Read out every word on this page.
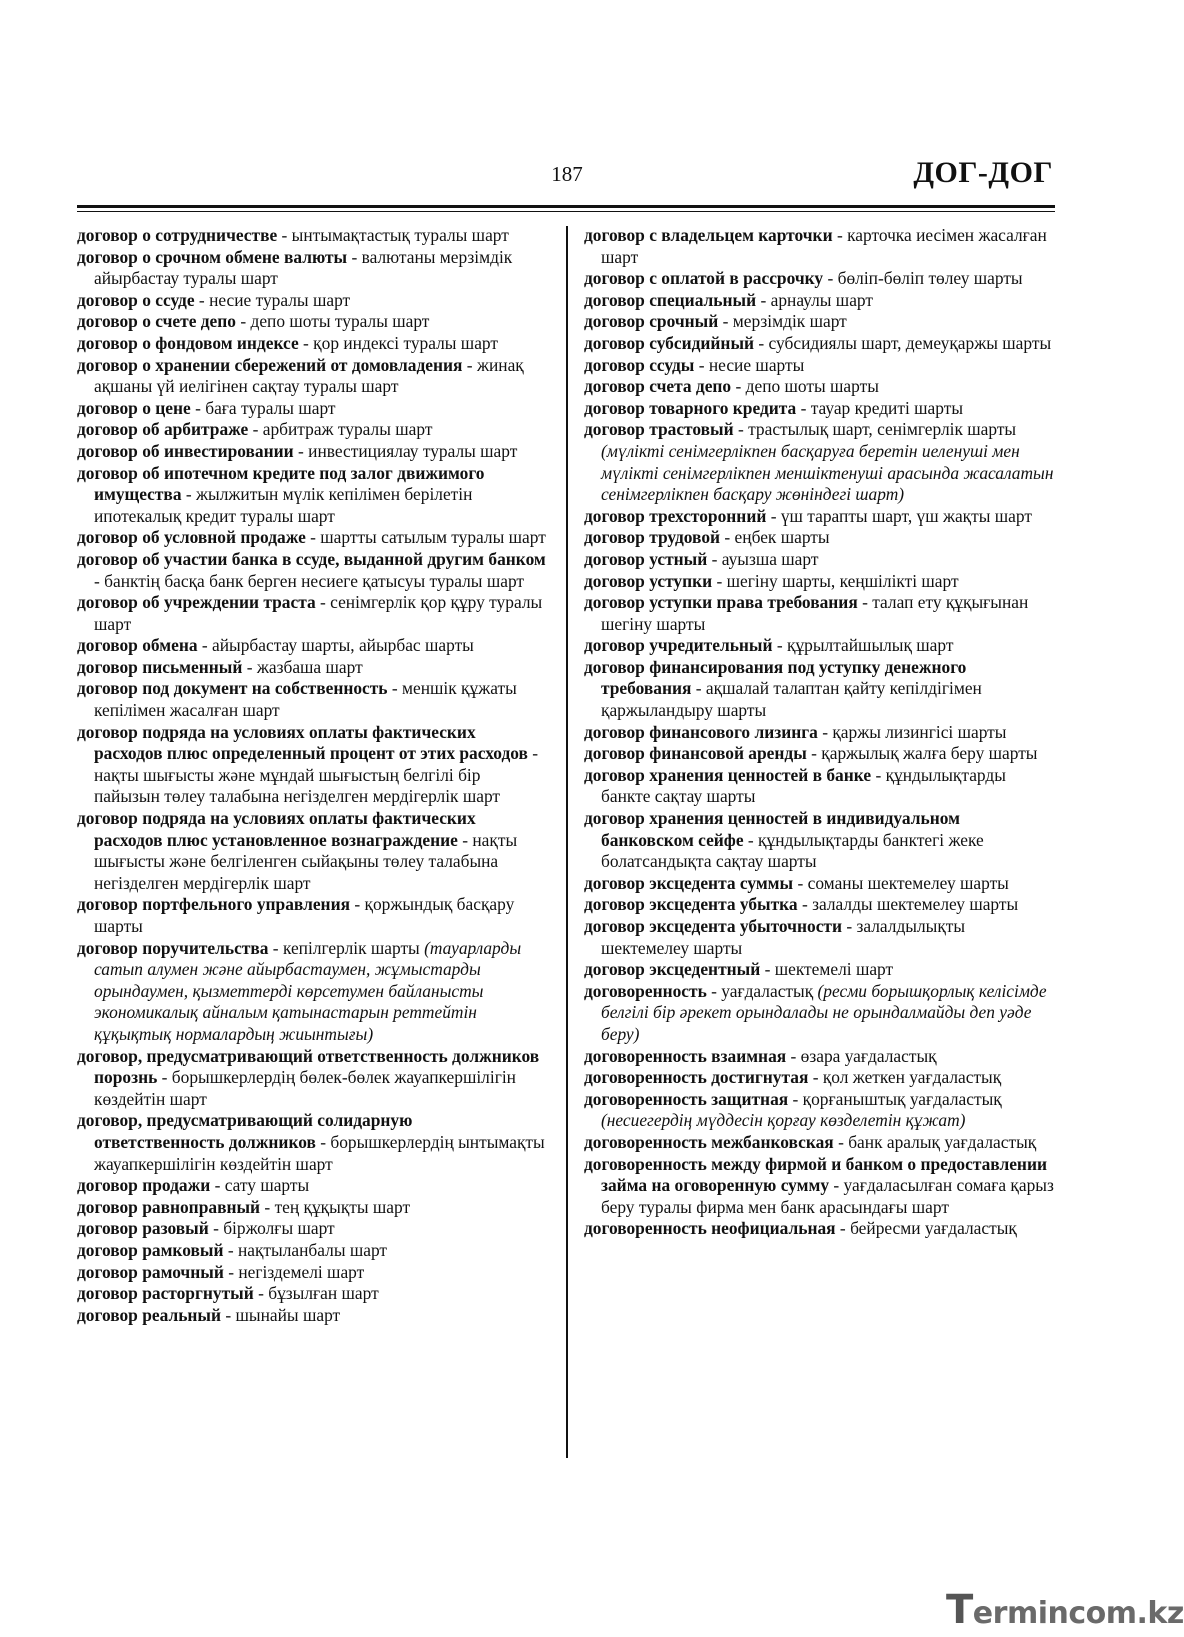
187	ДОГ-ДОГ

договор о сотрудничестве - ынтымақтастық туралы шарт

договор о срочном обмене валюты - валютаны мерзімдік айырбастау туралы шарт

договор о ссуде - несие туралы шарт

договор о счете депо - депо шоты туралы шарт

договор о фондовом индексе - қор индексі туралы шарт

договор о хранении сбережений от домовладения - жинақ ақшаны үй иелігінен сақтау туралы шарт

договор о цене - баға туралы шарт

договор об арбитраже - арбитраж туралы шарт

договор об инвестировании - инвестициялау туралы шарт

договор об ипотечном кредите под залог движимого имущества - жылжитын мүлік кепілімен берілетін ипотекалық кредит туралы шарт

договор об условной продаже - шартты сатылым туралы шарт

договор об участии банка в ссуде, выданной другим банком - банктің басқа банк берген несиеге қатысуы туралы шарт

договор об учреждении траста - сенімгерлік қор құру туралы шарт

договор обмена - айырбастау шарты, айырбас шарты

договор письменный - жазбаша шарт

договор под документ на собственность - меншік құжаты кепілімен жасалған шарт

договор подряда на условиях оплаты фактических расходов плюс определенный процент от этих расходов - нақты шығысты және мұндай шығыстың белгілі бір пайызын төлеу талабына негізделген мердігерлік шарт

договор подряда на условиях оплаты фактических расходов плюс установленное вознаграждение - нақты шығысты және белгіленген сыйақыны төлеу талабына негізделген мердігерлік шарт

договор портфельного управления - қоржындық басқару шарты

договор поручительства - кепілгерлік шарты (тауарларды сатып алумен және айырбастаумен, жұмыстарды орындаумен, қызметтерді көрсетумен байланысты экономикалық айналым қатынастарын реттейтін құқықтық нормалардың жиынтығы)

договор, предусматривающий ответственность должников порознь - борышкерлердің бөлек-бөлек жауапкершілігін көздейтін шарт

договор, предусматривающий солидарную ответственность должников - борышкерлердің ынтымақты жауапкершілігін көздейтін шарт

договор продажи - сату шарты

договор равноправный - тең құқықты шарт

договор разовый - біржолғы шарт

договор рамковый - нақтыланбалы шарт

договор рамочный - негіздемелі шарт

договор расторгнутый - бұзылған шарт

договор реальный - шынайы шарт

договор с владельцем карточки - карточка иесімен жасалған шарт

договор с оплатой в рассрочку - бөліп-бөліп төлеу шарты

договор специальный - арнаулы шарт

договор срочный - мерзімдік шарт

договор субсидийный - субсидиялы шарт, демеуқаржы шарты

договор ссуды - несие шарты

договор счета депо - депо шоты шарты

договор товарного кредита - тауар кредиті шарты

договор трастовый - трастылық шарт, сенімгерлік шарты (мүлікті сенімгерлікпен басқаруға беретін иеленуші мен мүлікті сенімгерлікпен меншіктенуші арасында жасалатын сенімгерлікпен басқару жөніндегі шарт)

договор трехсторонний - үш тарапты шарт, үш жақты шарт

договор трудовой - еңбек шарты

договор устный - ауызша шарт

договор уступки - шегіну шарты, кеңшілікті шарт

договор уступки права требования - талап ету құқығынан шегіну шарты

договор учредительный - құрылтайшылық шарт

договор финансирования под уступку денежного требования - ақшалай талаптан қайту кепілдігімен қаржыландыру шарты

договор финансового лизинга - қаржы лизингісі шарты

договор финансовой аренды - қаржылық жалға беру шарты

договор хранения ценностей в банке - құндылықтарды банкте сақтау шарты

договор хранения ценностей в индивидуальном банковском сейфе - құндылықтарды банктегі жеке болатсандықта сақтау шарты

договор эксцедента суммы - соманы шектемелеу шарты

договор эксцедента убытка - залалды шектемелеу шарты

договор эксцедента убыточности - залалдылықты шектемелеу шарты

договор эксцедентный - шектемелі шарт

договоренность - уағдаластық (ресми борышқорлық келісімде белгілі бір әрекет орындалады не орындалмайды деп уәде беру)

договоренность взаимная - өзара уағдаластық

договоренность достигнутая - қол жеткен уағдаластық

договоренность защитная - қорғаныштық уағдаластық (несиегердің мүддесін қорғау көзделетін құжат)

договоренность межбанковская - банк аралық уағдаластық

договоренность между фирмой и банком о предоставлении займа на оговоренную сумму - уағдаласылған сомаға қарыз беру туралы фирма мен банк арасындағы шарт

договоренность неофициальная - бейресми уағдаластық

Termincom.kz
